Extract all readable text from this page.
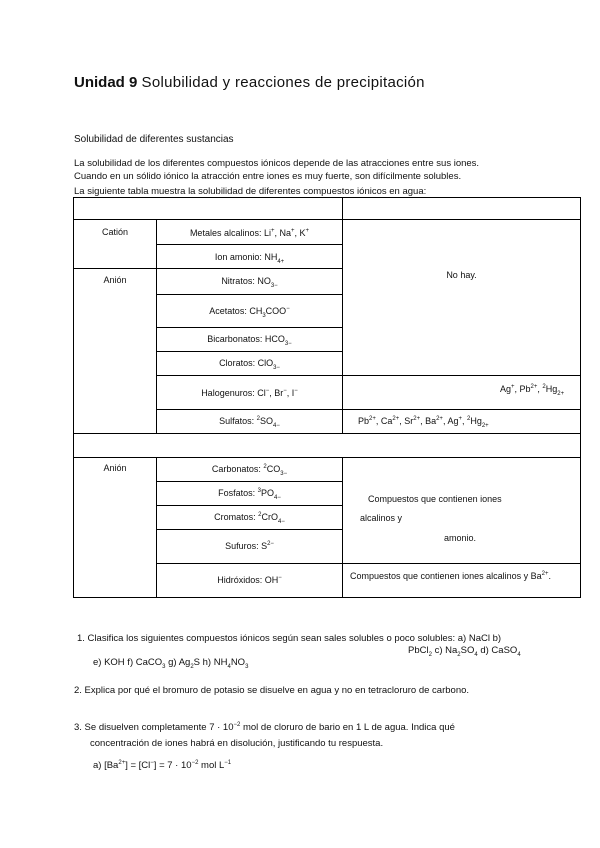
Unidad 9 Solubilidad y reacciones de precipitación
Solubilidad de diferentes sustancias
La solubilidad de los diferentes compuestos iónicos depende de las atracciones entre sus iones.
Cuando en un sólido iónico la atracción entre iones es muy fuerte, son difícilmente solubles.
La siguiente tabla muestra la solubilidad de diferentes compuestos iónicos en agua:
Catión
Anión
Anión
Metales alcalinos: Li+, Na+, K+
Ion amonio: $NH_{4+}$
Nitratos: $NO_{3-}$
Acetatos: $CH_3COO^-$
Bicarbonatos: $HCO_{3-}$
Cloratos: ClO$_{3-}$
Halogenuros: Cl−, Br−, I−
Sulfatos: $^2SO_{4-}$
No hay.
Ag+, $Pb^{2+}$, $^2Hg_{2+}$
$Pb^{2+}$, $Ca^{2+}$, $Sr^{2+}$, $Ba^{2+}$, Ag+, $^2Hg_{2+}$
Carbonatos: $^2CO_{3-}$
Fosfatos: $^3PO_{4-}$
Cromatos: $^2$CrO$_{4-}$
Sufuros: $S^{2-}$
Hidróxidos: OH−
Compuestos que contienen iones
alcalinos y
amonio.
Compuestos que contienen iones alcalinos y $Ba^{2+}$.
1. Clasifica los siguientes compuestos iónicos según sean sales solubles o poco solubles: a) NaCl b)
PbCl$_2$ c) $Na_2SO_4$ d) CaSO$_4$
e) KOH f) CaCO$_3$ g) $Ag_2S$ h) $NH_4NO_3$
2. Explica por qué el bromuro de potasio se disuelve en agua y no en tetracloruro de carbono.
3. Se disuelven completamente $7 \cdot 10^{-2}$ mol de cloruro de bario en 1 L de agua. Indica qué
concentración de iones habrá en disolución, justificando tu respuesta.
a) $[Ba^{2+}] = [Cl^-] = 7 \cdot 10^{-2}$ mol $L^{-1}$
